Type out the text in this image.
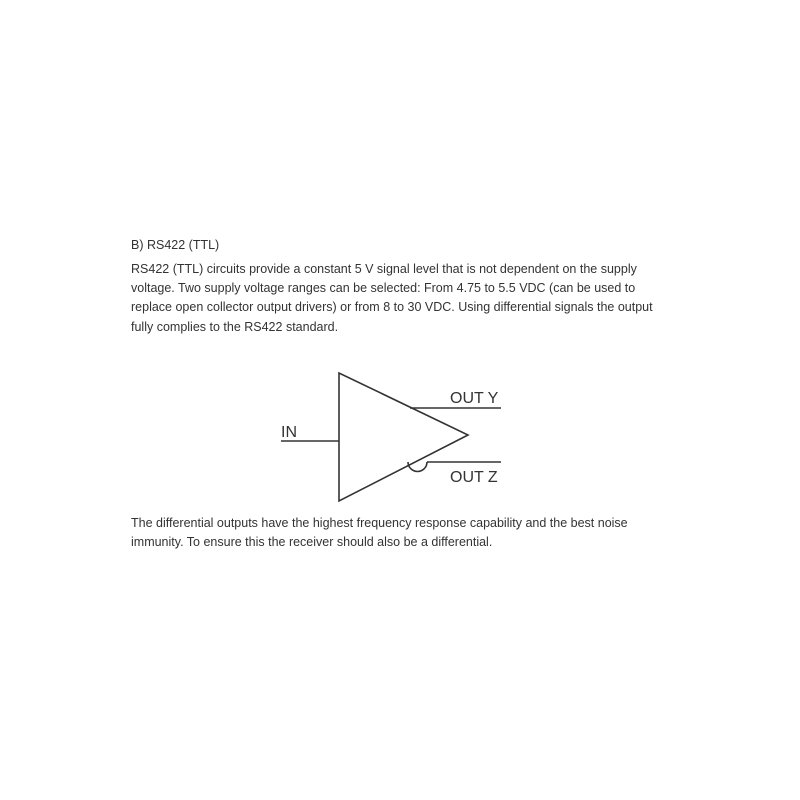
B) RS422 (TTL)

RS422 (TTL) circuits provide a constant 5 V signal level that is not dependent on the supply voltage. Two supply voltage ranges can be selected: From 4.75 to 5.5 VDC (can be used to replace open collector output drivers) or from 8 to 30 VDC. Using differential signals the output fully complies to the RS422 standard.

IN
OUT Y
OUT Z

The differential outputs have the highest frequency response capability and the best noise immunity. To ensure this the receiver should also be a differential.
